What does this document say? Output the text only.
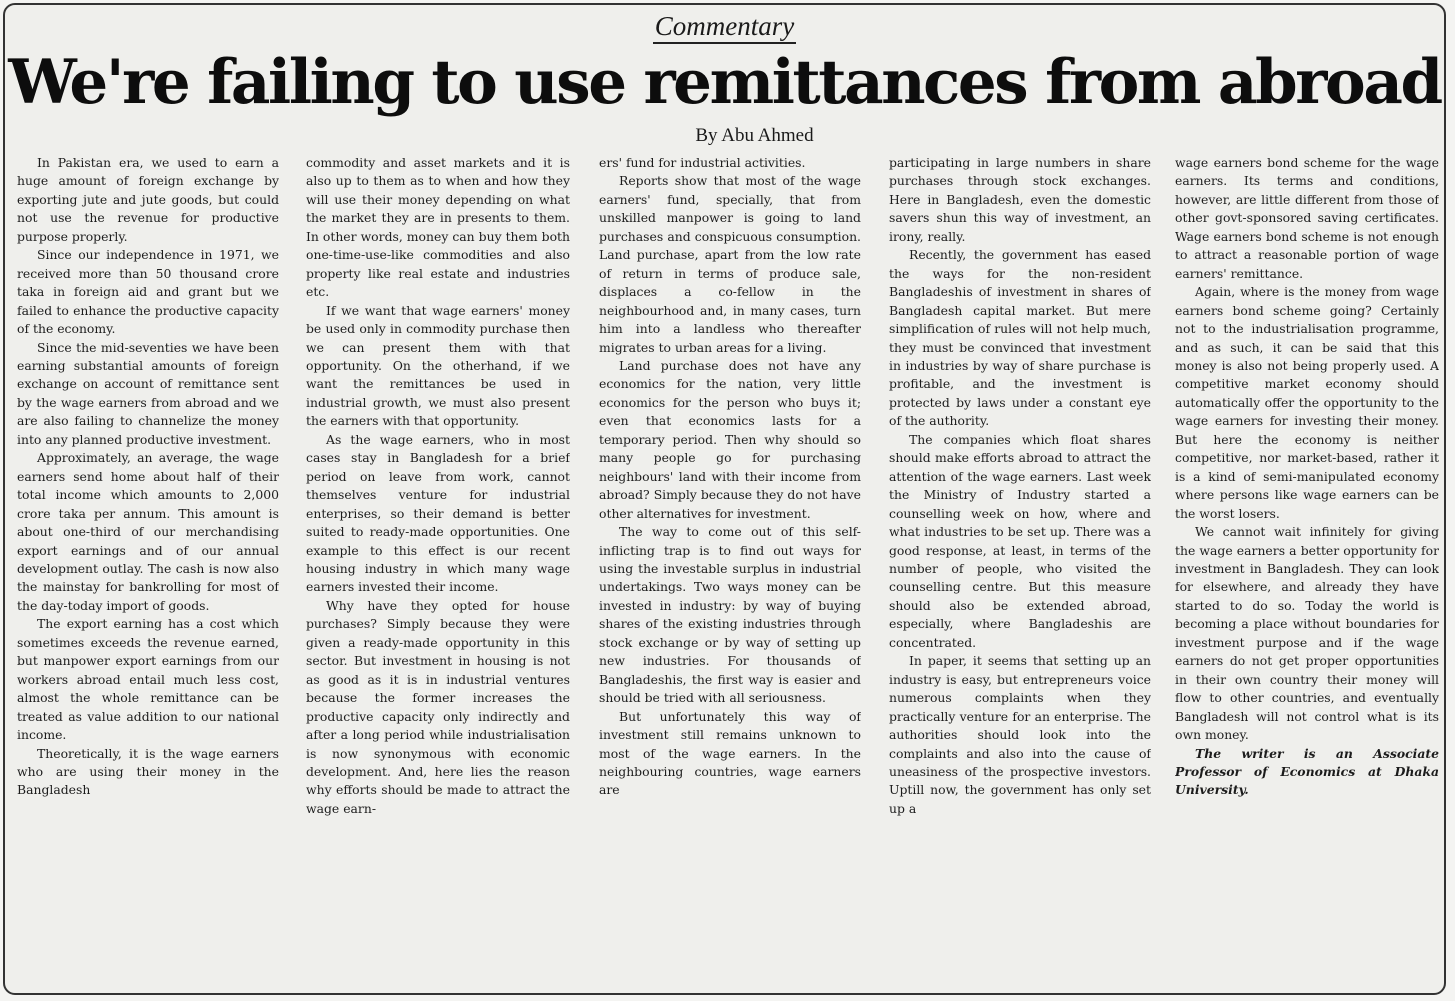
Commentary
We're failing to use remittances from abroad
By Abu Ahmed

In Pakistan era, we used to earn a huge amount of foreign exchange by exporting jute and jute goods, but could not use the revenue for productive purpose properly.

Since our independence in 1971, we received more than 50 thousand crore taka in foreign aid and grant but we failed to enhance the productive capacity of the economy.

Since the mid-seventies we have been earning substantial amounts of foreign exchange on account of remittance sent by the wage earners from abroad and we are also failing to channelize the money into any planned productive investment.

Approximately, an average, the wage earners send home about half of their total income which amounts to 2,000 crore taka per annum. This amount is about one-third of our merchandising export earnings and of our annual development outlay. The cash is now also the mainstay for bankrolling for most of the day-today import of goods.

The export earning has a cost which sometimes exceeds the revenue earned, but manpower export earnings from our workers abroad entail much less cost, almost the whole remittance can be treated as value addition to our national income.

Theoretically, it is the wage earners who are using their money in the Bangladesh

commodity and asset markets and it is also up to them as to when and how they will use their money depending on what the market they are in presents to them. In other words, money can buy them both one-time-use-like commodities and also property like real estate and industries etc.

If we want that wage earners' money be used only in commodity purchase then we can present them with that opportunity. On the otherhand, if we want the remittances be used in industrial growth, we must also present the earners with that opportunity.

As the wage earners, who in most cases stay in Bangladesh for a brief period on leave from work, cannot themselves venture for industrial enterprises, so their demand is better suited to ready-made opportunities. One example to this effect is our recent housing industry in which many wage earners invested their income.

Why have they opted for house purchases? Simply because they were given a ready-made opportunity in this sector. But investment in housing is not as good as it is in industrial ventures because the former increases the productive capacity only indirectly and after a long period while industrialisation is now synonymous with economic development. And, here lies the reason why efforts should be made to attract the wage earn-

ers' fund for industrial activities.

Reports show that most of the wage earners' fund, specially, that from unskilled manpower is going to land purchases and conspicuous consumption. Land purchase, apart from the low rate of return in terms of produce sale, displaces a co-fellow in the neighbourhood and, in many cases, turn him into a landless who thereafter migrates to urban areas for a living.

Land purchase does not have any economics for the nation, very little economics for the person who buys it; even that economics lasts for a temporary period. Then why should so many people go for purchasing neighbours' land with their income from abroad? Simply because they do not have other alternatives for investment.

The way to come out of this self-inflicting trap is to find out ways for using the investable surplus in industrial undertakings. Two ways money can be invested in industry: by way of buying shares of the existing industries through stock exchange or by way of setting up new industries. For thousands of Bangladeshis, the first way is easier and should be tried with all seriousness.

But unfortunately this way of investment still remains unknown to most of the wage earners. In the neighbouring countries, wage earners are

participating in large numbers in share purchases through stock exchanges. Here in Bangladesh, even the domestic savers shun this way of investment, an irony, really.

Recently, the government has eased the ways for the non-resident Bangladeshis of investment in shares of Bangladesh capital market. But mere simplification of rules will not help much, they must be convinced that investment in industries by way of share purchase is profitable, and the investment is protected by laws under a constant eye of the authority.

The companies which float shares should make efforts abroad to attract the attention of the wage earners. Last week the Ministry of Industry started a counselling week on how, where and what industries to be set up. There was a good response, at least, in terms of the number of people, who visited the counselling centre. But this measure should also be extended abroad, especially, where Bangladeshis are concentrated.

In paper, it seems that setting up an industry is easy, but entrepreneurs voice numerous complaints when they practically venture for an enterprise. The authorities should look into the complaints and also into the cause of uneasiness of the prospective investors. Uptill now, the government has only set up a

wage earners bond scheme for the wage earners. Its terms and conditions, however, are little different from those of other govt-sponsored saving certificates. Wage earners bond scheme is not enough to attract a reasonable portion of wage earners' remittance.

Again, where is the money from wage earners bond scheme going? Certainly not to the industrialisation programme, and as such, it can be said that this money is also not being properly used. A competitive market economy should automatically offer the opportunity to the wage earners for investing their money. But here the economy is neither competitive, nor market-based, rather it is a kind of semi-manipulated economy where persons like wage earners can be the worst losers.

We cannot wait infinitely for giving the wage earners a better opportunity for investment in Bangladesh. They can look for elsewhere, and already they have started to do so. Today the world is becoming a place without boundaries for investment purpose and if the wage earners do not get proper opportunities in their own country their money will flow to other countries, and eventually Bangladesh will not control what is its own money.

The writer is an Associate Professor of Economics at Dhaka University.
